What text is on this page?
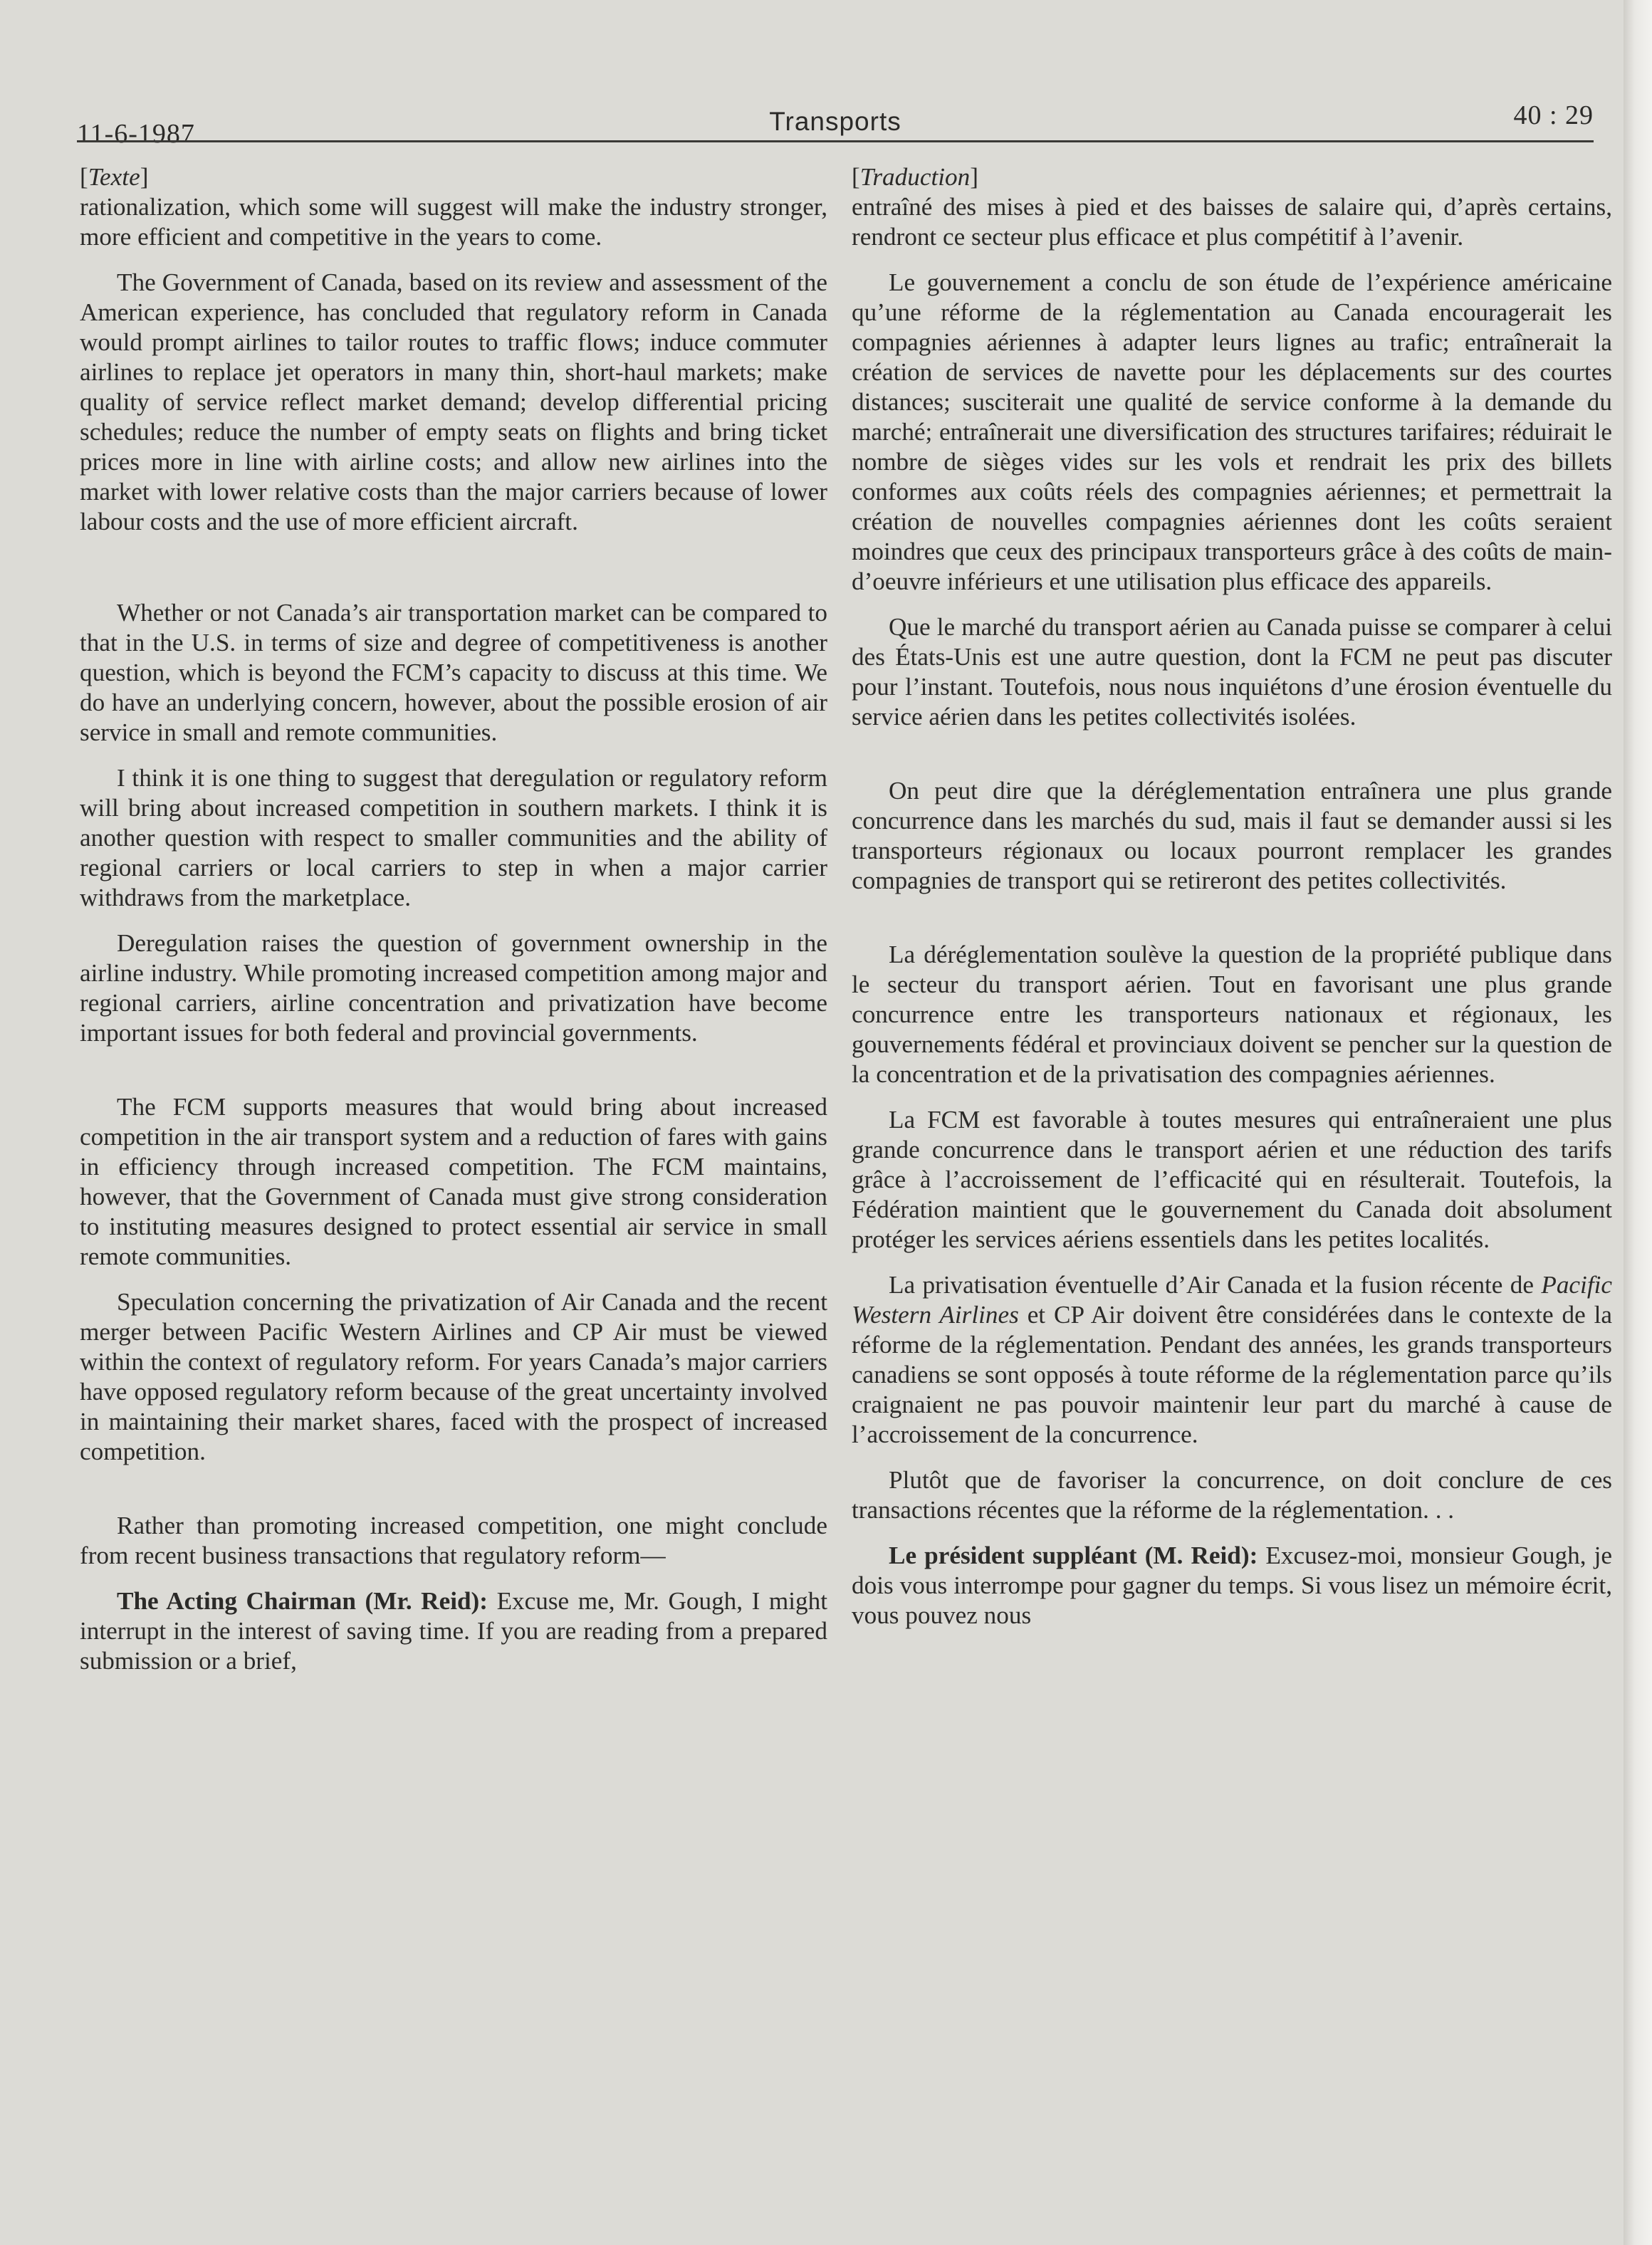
11-6-1987	Transports	40 : 29

[Texte]

rationalization, which some will suggest will make the industry stronger, more efficient and competitive in the years to come.

The Government of Canada, based on its review and assessment of the American experience, has concluded that regulatory reform in Canada would prompt airlines to tailor routes to traffic flows; induce commuter airlines to replace jet operators in many thin, short-haul markets; make quality of service reflect market demand; develop differential pricing schedules; reduce the number of empty seats on flights and bring ticket prices more in line with airline costs; and allow new airlines into the market with lower relative costs than the major carriers because of lower labour costs and the use of more efficient aircraft.

Whether or not Canada’s air transportation market can be compared to that in the U.S. in terms of size and degree of competitiveness is another question, which is beyond the FCM’s capacity to discuss at this time. We do have an underlying concern, however, about the possible erosion of air service in small and remote communities.

I think it is one thing to suggest that deregulation or regulatory reform will bring about increased competition in southern markets. I think it is another question with respect to smaller communities and the ability of regional carriers or local carriers to step in when a major carrier withdraws from the marketplace.

Deregulation raises the question of government ownership in the airline industry. While promoting increased competition among major and regional carriers, airline concentration and privatization have become important issues for both federal and provincial governments.

The FCM supports measures that would bring about increased competition in the air transport system and a reduction of fares with gains in efficiency through increased competition. The FCM maintains, however, that the Government of Canada must give strong consideration to instituting measures designed to protect essential air service in small remote communities.

Speculation concerning the privatization of Air Canada and the recent merger between Pacific Western Airlines and CP Air must be viewed within the context of regulatory reform. For years Canada’s major carriers have opposed regulatory reform because of the great uncertainty involved in maintaining their market shares, faced with the prospect of increased competition.

Rather than promoting increased competition, one might conclude from recent business transactions that regulatory reform—

The Acting Chairman (Mr. Reid): Excuse me, Mr. Gough, I might interrupt in the interest of saving time. If you are reading from a prepared submission or a brief,

[Traduction]

entraîné des mises à pied et des baisses de salaire qui, d’après certains, rendront ce secteur plus efficace et plus compétitif à l’avenir.

Le gouvernement a conclu de son étude de l’expérience américaine qu’une réforme de la réglementation au Canada encouragerait les compagnies aériennes à adapter leurs lignes au trafic; entraînerait la création de services de navette pour les déplacements sur des courtes distances; susciterait une qualité de service conforme à la demande du marché; entraînerait une diversification des structures tarifaires; réduirait le nombre de sièges vides sur les vols et rendrait les prix des billets conformes aux coûts réels des compagnies aériennes; et permettrait la création de nouvelles compagnies aériennes dont les coûts seraient moindres que ceux des principaux transporteurs grâce à des coûts de main-d’oeuvre inférieurs et une utilisation plus efficace des appareils.

Que le marché du transport aérien au Canada puisse se comparer à celui des États-Unis est une autre question, dont la FCM ne peut pas discuter pour l’instant. Toutefois, nous nous inquiétons d’une érosion éventuelle du service aérien dans les petites collectivités isolées.

On peut dire que la déréglementation entraînera une plus grande concurrence dans les marchés du sud, mais il faut se demander aussi si les transporteurs régionaux ou locaux pourront remplacer les grandes compagnies de transport qui se retireront des petites collectivités.

La déréglementation soulève la question de la propriété publique dans le secteur du transport aérien. Tout en favorisant une plus grande concurrence entre les transporteurs nationaux et régionaux, les gouvernements fédéral et provinciaux doivent se pencher sur la question de la concentration et de la privatisation des compagnies aériennes.

La FCM est favorable à toutes mesures qui entraîneraient une plus grande concurrence dans le transport aérien et une réduction des tarifs grâce à l’accroissement de l’efficacité qui en résulterait. Toutefois, la Fédération maintient que le gouvernement du Canada doit absolument protéger les services aériens essentiels dans les petites localités.

La privatisation éventuelle d’Air Canada et la fusion récente de Pacific Western Airlines et CP Air doivent être considérées dans le contexte de la réforme de la réglementation. Pendant des années, les grands transporteurs canadiens se sont opposés à toute réforme de la réglementation parce qu’ils craignaient ne pas pouvoir maintenir leur part du marché à cause de l’accroissement de la concurrence.

Plutôt que de favoriser la concurrence, on doit conclure de ces transactions récentes que la réforme de la réglementation. . .

Le président suppléant (M. Reid): Excusez-moi, monsieur Gough, je dois vous interrompe pour gagner du temps. Si vous lisez un mémoire écrit, vous pouvez nous
